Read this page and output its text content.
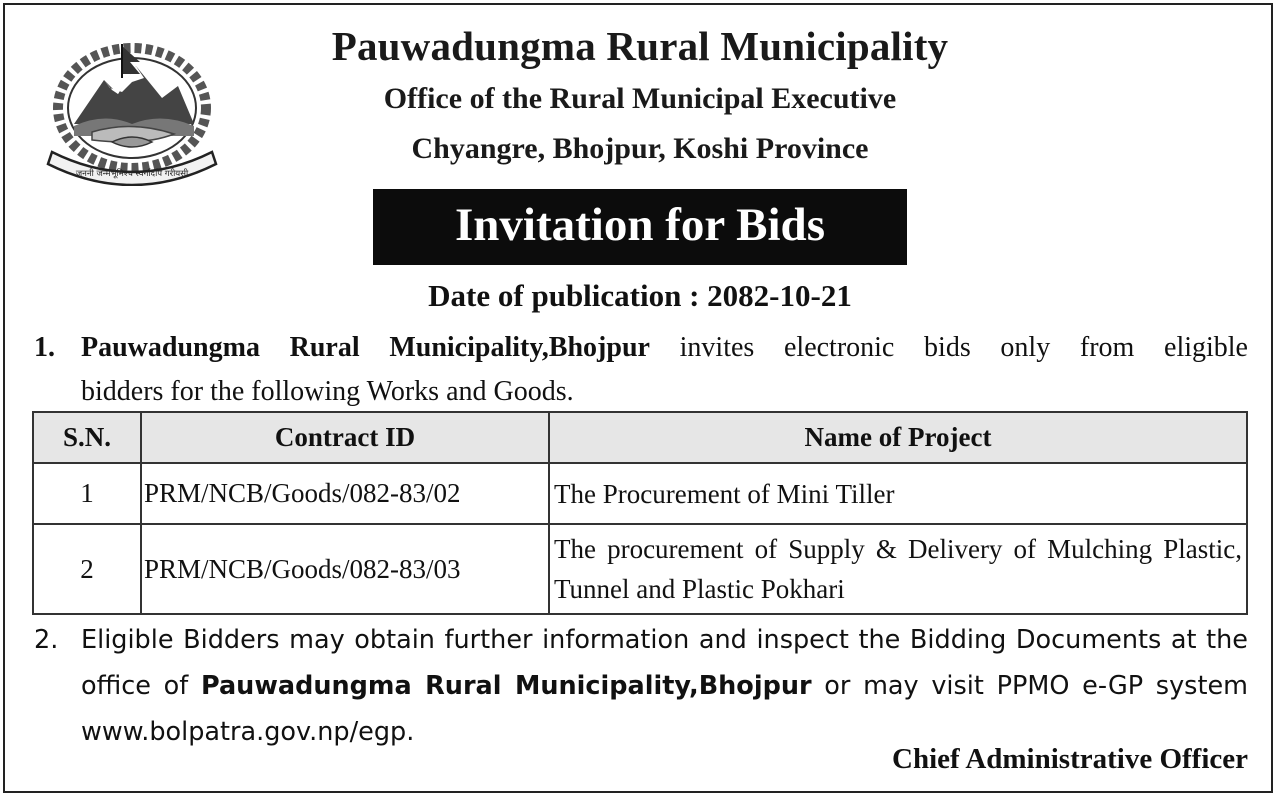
जननी जन्मभूमिश्च स्वर्गादपि गरीयसी
Pauwadungma Rural Municipality
Office of the Rural Municipal Executive
Chyangre, Bhojpur, Koshi Province
Invitation for Bids
Date of publication : 2082-10-21
1. Pauwadungma Rural Municipality,Bhojpur invites electronic bids only from eligible
bidders for the following Works and Goods.
S.N.	Contract ID	Name of Project
1	PRM/NCB/Goods/082-83/02	The Procurement of Mini Tiller
2	PRM/NCB/Goods/082-83/03	The procurement of Supply & Delivery of Mulching Plastic, Tunnel and Plastic Pokhari
2. Eligible Bidders may obtain further information and inspect the Bidding Documents at the office of Pauwadungma Rural Municipality,Bhojpur or may visit PPMO e-GP system www.bolpatra.gov.np/egp.
Chief Administrative Officer
